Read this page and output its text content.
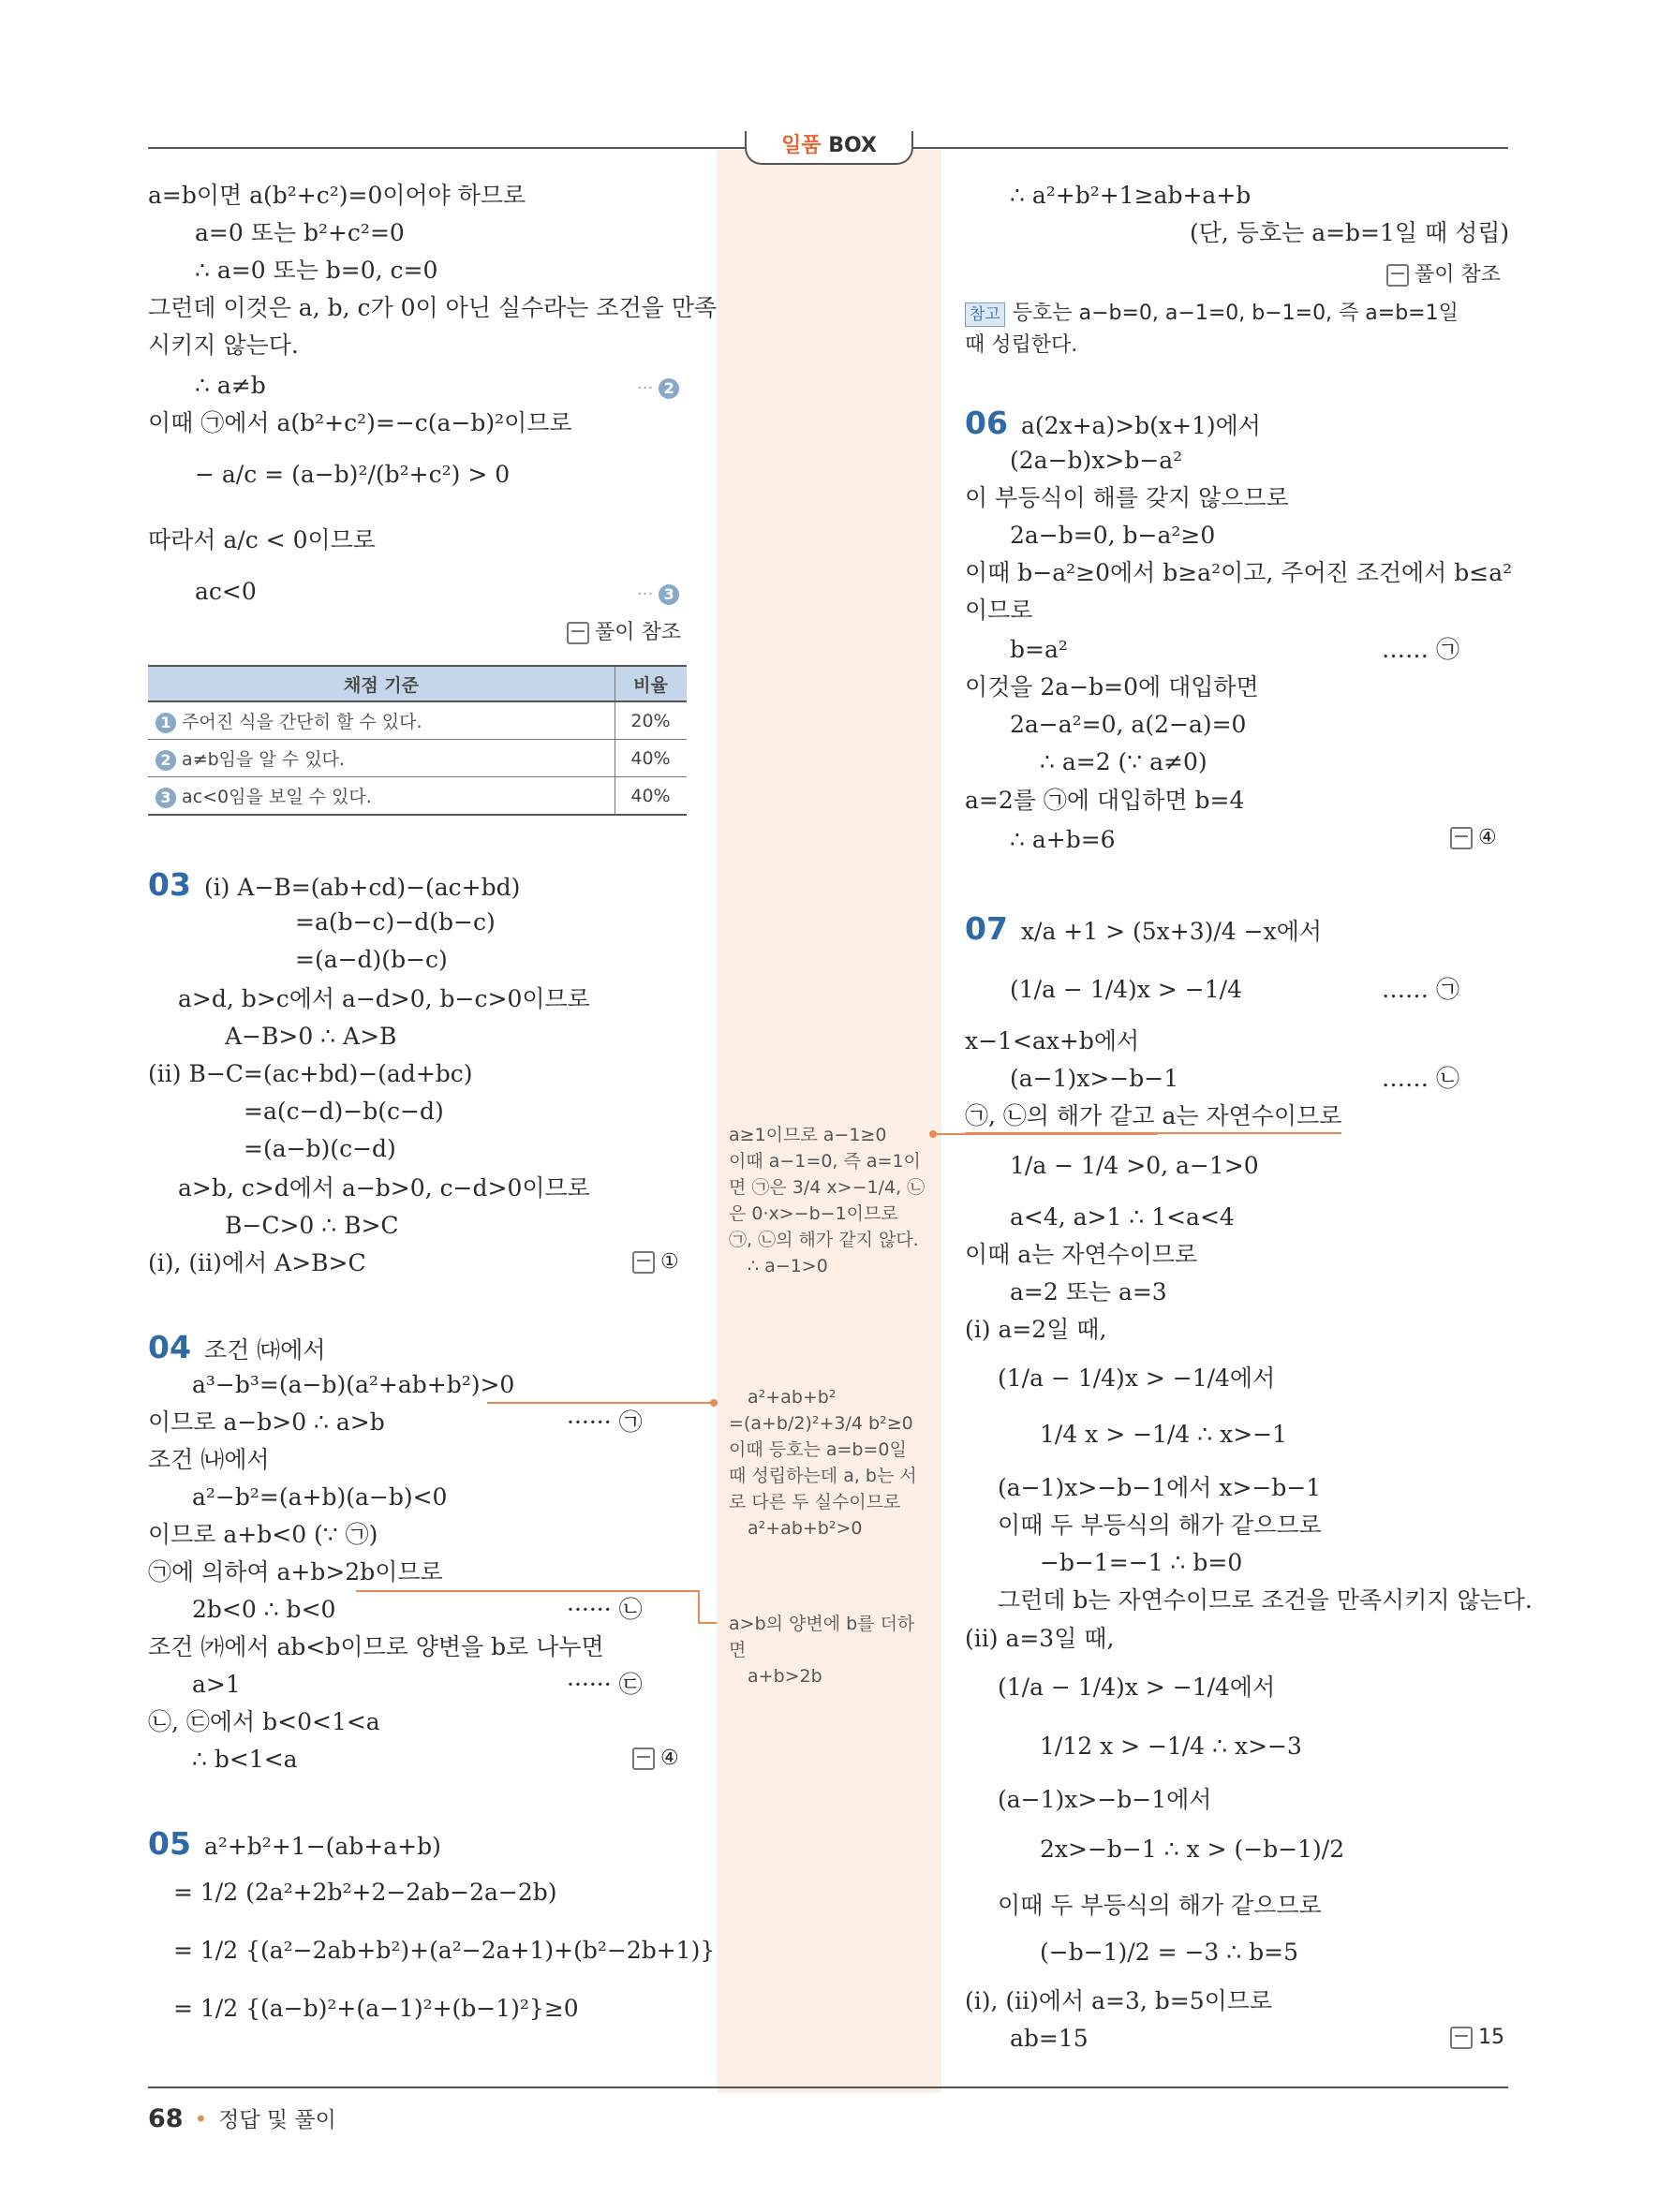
일품 BOX
a=b이면 a(b²+c²)=0이어야 하므로
a=0 또는 b²+c²=0
∴ a=0 또는 b=0, c=0
그런데 이것은 a, b, c가 0이 아닌 실수라는 조건을 만족
시키지 않는다.
∴ a≠b	··· 2
이때 ㉠에서 a(b²+c²)=−c(a−b)²이므로
− a/c = (a−b)²/(b²+c²) > 0
따라서 a/c < 0이므로
ac<0	··· 3
풀이 참조
채점 기준	비율
1 주어진 식을 간단히 할 수 있다.	20%
2 a≠b임을 알 수 있다.	40%
3 ac<0임을 보일 수 있다.	40%
03 (i) A−B=(ab+cd)−(ac+bd)
=a(b−c)−d(b−c)
=(a−d)(b−c)
a>d, b>c에서 a−d>0, b−c>0이므로
A−B>0 ∴ A>B
(ii) B−C=(ac+bd)−(ad+bc)
=a(c−d)−b(c−d)
=(a−b)(c−d)
a>b, c>d에서 a−b>0, c−d>0이므로
B−C>0 ∴ B>C
(i), (ii)에서 A>B>C	①
04 조건 ㈐에서
a³−b³=(a−b)(a²+ab+b²)>0
이므로 a−b>0 ∴ a>b	······ ㉠
조건 ㈏에서
a²−b²=(a+b)(a−b)<0
이므로 a+b<0 (∵ ㉠)
㉠에 의하여 a+b>2b이므로
2b<0 ∴ b<0	······ ㉡
조건 ㈎에서 ab<b이므로 양변을 b로 나누면
a>1	······ ㉢
㉡, ㉢에서 b<0<1<a
∴ b<1<a	④
05 a²+b²+1−(ab+a+b)
= 1/2 (2a²+2b²+2−2ab−2a−2b)
= 1/2 {(a²−2ab+b²)+(a²−2a+1)+(b²−2b+1)}
= 1/2 {(a−b)²+(a−1)²+(b−1)²}≥0
a≥1이므로 a−1≥0
이때 a−1=0, 즉 a=1이
면 ㉠은 3/4 x>−1/4, ㉡
은 0·x>−b−1이므로
㉠, ㉡의 해가 같지 않다.
∴ a−1>0
a²+ab+b²
=(a+b/2)²+3/4 b²≥0
이때 등호는 a=b=0일
때 성립하는데 a, b는 서
로 다른 두 실수이므로
a²+ab+b²>0
a>b의 양변에 b를 더하
면
a+b>2b
∴ a²+b²+1≥ab+a+b
(단, 등호는 a=b=1일 때 성립)
풀이 참조
참고 등호는 a−b=0, a−1=0, b−1=0, 즉 a=b=1일
때 성립한다.
06 a(2x+a)>b(x+1)에서
(2a−b)x>b−a²
이 부등식이 해를 갖지 않으므로
2a−b=0, b−a²≥0
이때 b−a²≥0에서 b≥a²이고, 주어진 조건에서 b≤a²
이므로
b=a²	…… ㉠
이것을 2a−b=0에 대입하면
2a−a²=0, a(2−a)=0
∴ a=2 (∵ a≠0)
a=2를 ㉠에 대입하면 b=4
∴ a+b=6	④
07 x/a +1 > (5x+3)/4 −x에서
(1/a − 1/4)x > −1/4	…… ㉠
x−1<ax+b에서
(a−1)x>−b−1	…… ㉡
㉠, ㉡의 해가 같고 a는 자연수이므로
1/a − 1/4 >0, a−1>0
a<4, a>1 ∴ 1<a<4
이때 a는 자연수이므로
a=2 또는 a=3
(i) a=2일 때,
(1/a − 1/4)x > −1/4에서
1/4 x > −1/4 ∴ x>−1
(a−1)x>−b−1에서 x>−b−1
이때 두 부등식의 해가 같으므로
−b−1=−1 ∴ b=0
그런데 b는 자연수이므로 조건을 만족시키지 않는다.
(ii) a=3일 때,
(1/a − 1/4)x > −1/4에서
1/12 x > −1/4 ∴ x>−3
(a−1)x>−b−1에서
2x>−b−1 ∴ x > (−b−1)/2
이때 두 부등식의 해가 같으므로
(−b−1)/2 = −3 ∴ b=5
(i), (ii)에서 a=3, b=5이므로
ab=15	15
68 • 정답 및 풀이
